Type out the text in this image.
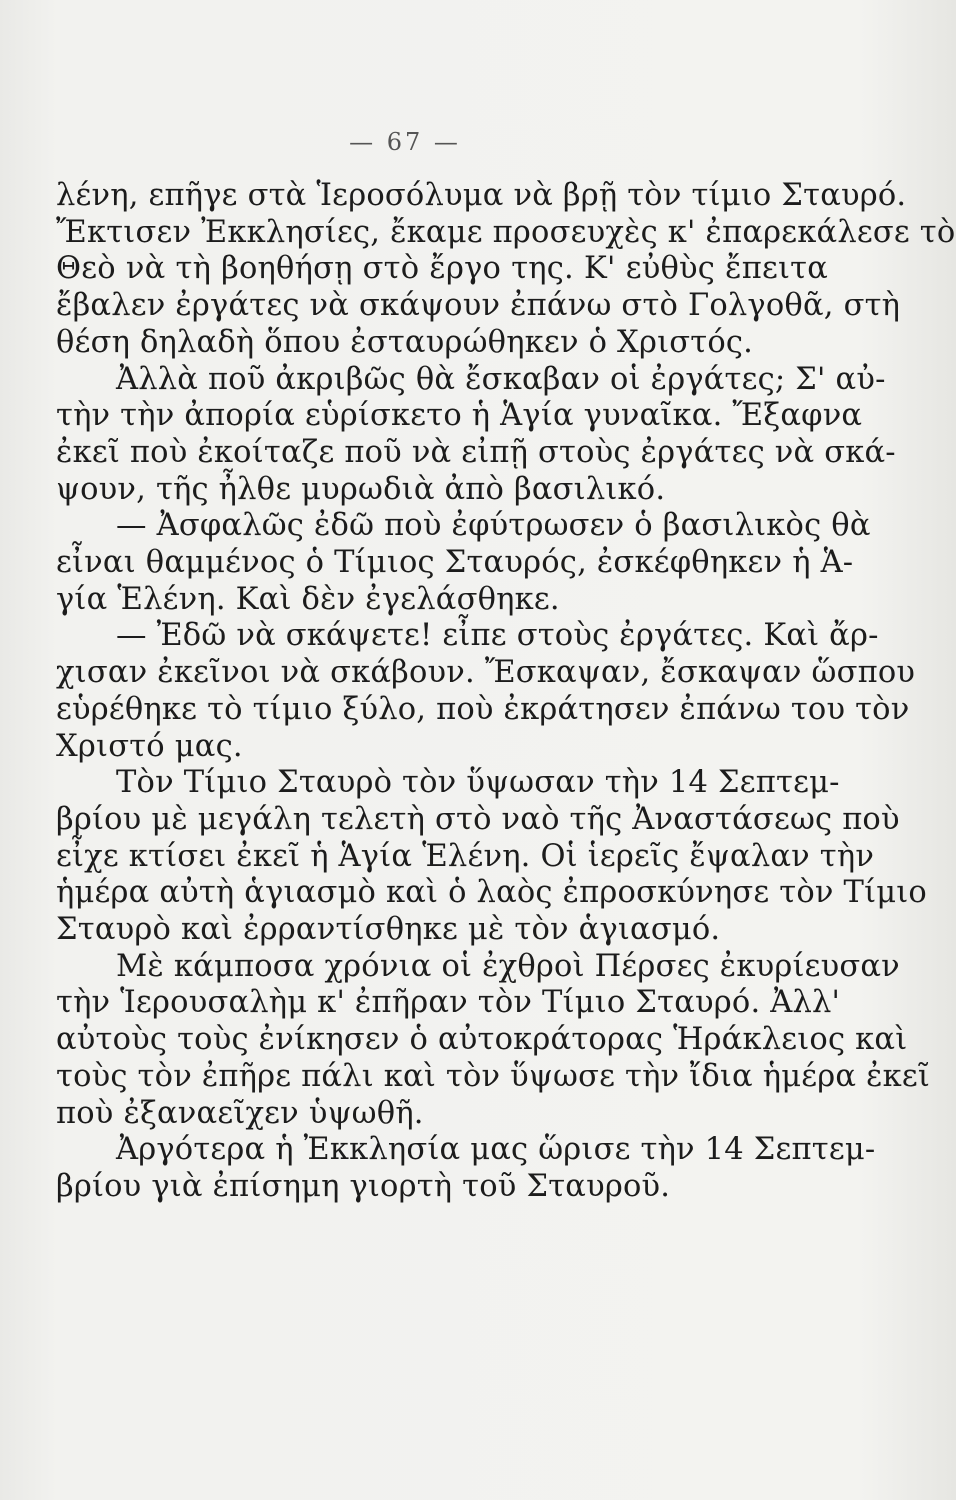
— 67 —
λένη, επῆγε στὰ Ἱεροσόλυμα νὰ βρῇ τὸν τίμιο Σταυρό.
Ἔκτισεν Ἐκκλησίες, ἔκαμε προσευχὲς κ' ἐπαρεκάλεσε τὸ
Θεὸ νὰ τὴ βοηθήσῃ στὸ ἔργο της. Κ' εὐθὺς ἔπειτα
ἔβαλεν ἐργάτες νὰ σκάψουν ἐπάνω στὸ Γολγοθᾶ, στὴ
θέση δηλαδὴ ὅπου ἐσταυρώθηκεν ὁ Χριστός.
Ἀλλὰ ποῦ ἀκριβῶς θὰ ἔσκαβαν οἱ ἐργάτες; Σ' αὐ-
τὴν τὴν ἀπορία εὑρίσκετο ἡ Ἁγία γυναῖκα. Ἔξαφνα
ἐκεῖ ποὺ ἐκοίταζε ποῦ νὰ εἰπῇ στοὺς ἐργάτες νὰ σκά-
ψουν, τῆς ἦλθε μυρωδιὰ ἀπὸ βασιλικό.
— Ἀσφαλῶς ἐδῶ ποὺ ἐφύτρωσεν ὁ βασιλικὸς θὰ
εἶναι θαμμένος ὁ Τίμιος Σταυρός, ἐσκέφθηκεν ἡ Ἁ-
γία Ἑλένη. Καὶ δὲν ἐγελάσθηκε.
— Ἐδῶ νὰ σκάψετε! εἶπε στοὺς ἐργάτες. Καὶ ἄρ-
χισαν ἐκεῖνοι νὰ σκάβουν. Ἔσκαψαν, ἔσκαψαν ὥσπου
εὑρέθηκε τὸ τίμιο ξύλο, ποὺ ἐκράτησεν ἐπάνω του τὸν
Χριστό μας.
Τὸν Τίμιο Σταυρὸ τὸν ὕψωσαν τὴν 14 Σεπτεμ-
βρίου μὲ μεγάλη τελετὴ στὸ ναὸ τῆς Ἀναστάσεως ποὺ
εἶχε κτίσει ἐκεῖ ἡ Ἁγία Ἑλένη. Οἱ ἱερεῖς ἔψαλαν τὴν
ἡμέρα αὐτὴ ἁγιασμὸ καὶ ὁ λαὸς ἐπροσκύνησε τὸν Τίμιο
Σταυρὸ καὶ ἐρραντίσθηκε μὲ τὸν ἁγιασμό.
Μὲ κάμποσα χρόνια οἱ ἐχθροὶ Πέρσες ἐκυρίευσαν
τὴν Ἱερουσαλὴμ κ' ἐπῆραν τὸν Τίμιο Σταυρό. Ἀλλ'
αὐτοὺς τοὺς ἐνίκησεν ὁ αὐτοκράτορας Ἡράκλειος καὶ
τοὺς τὸν ἐπῆρε πάλι καὶ τὸν ὕψωσε τὴν ἴδια ἡμέρα ἐκεῖ
ποὺ ἐξαναεῖχεν ὑψωθῆ.
Ἀργότερα ἡ Ἐκκλησία μας ὥρισε τὴν 14 Σεπτεμ-
βρίου γιὰ ἐπίσημη γιορτὴ τοῦ Σταυροῦ.
